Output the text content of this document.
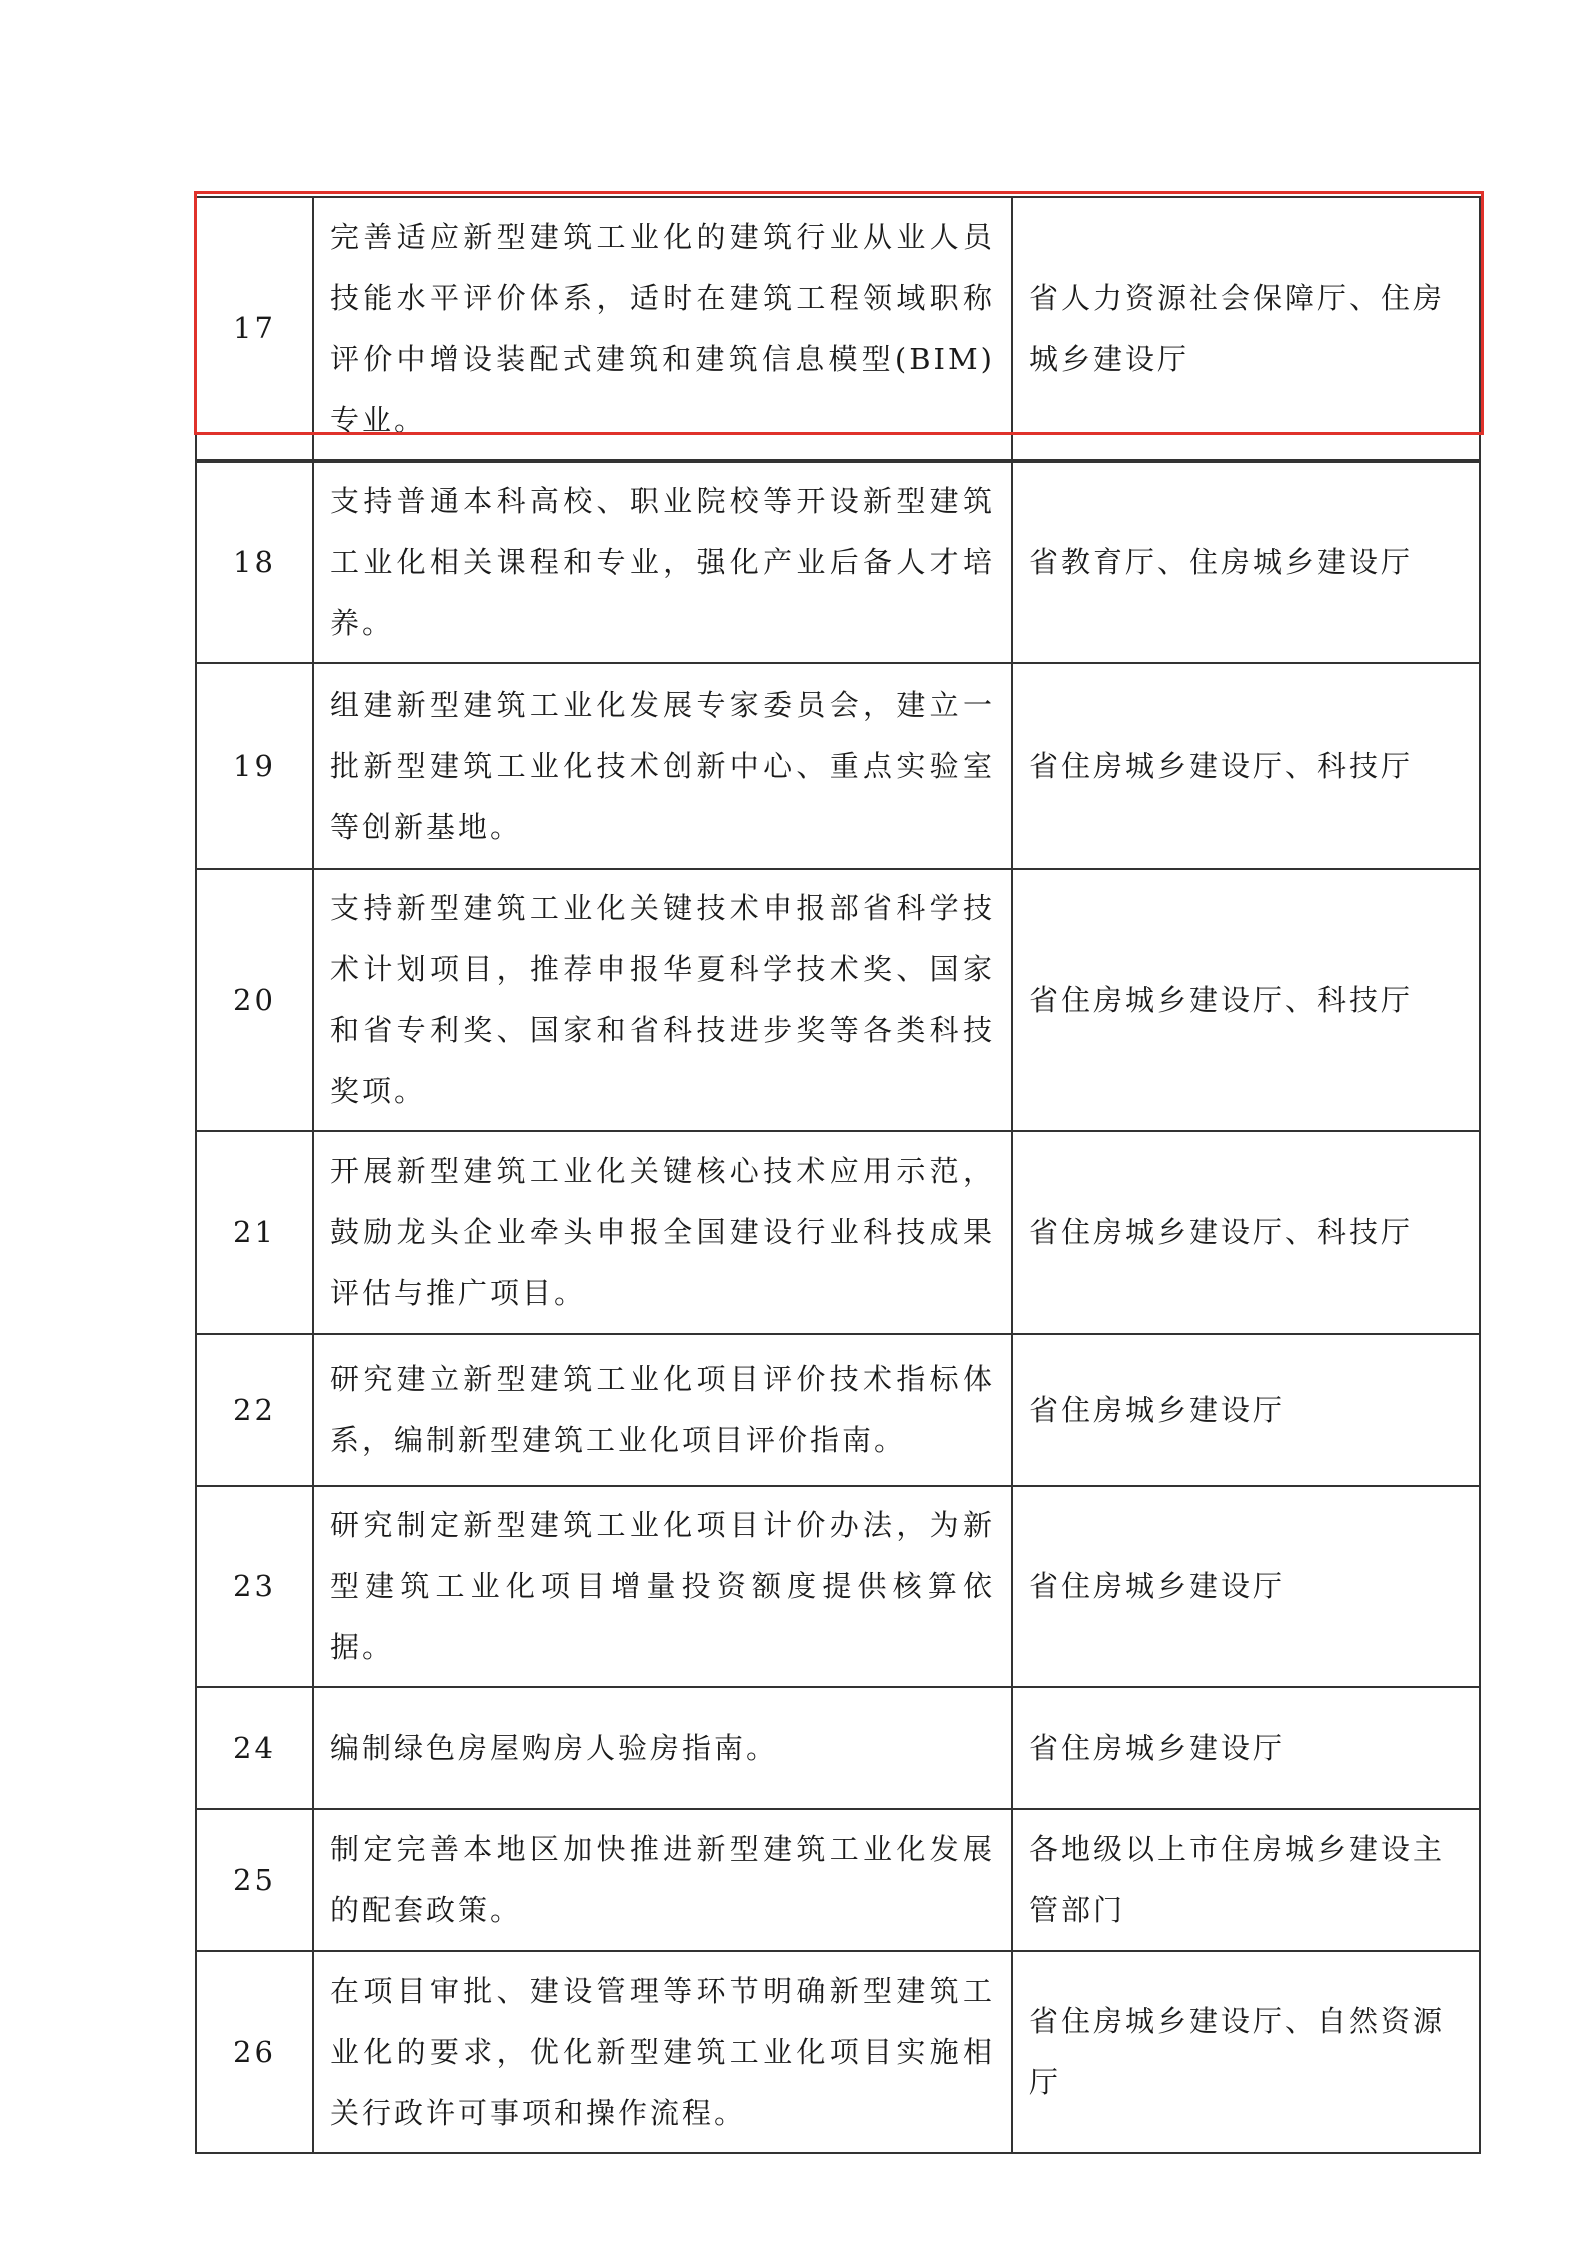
17	完善适应新型建筑工业化的建筑行业从业人员技能水平评价体系，适时在建筑工程领域职称评价中增设装配式建筑和建筑信息模型(BIM)专业。	省人力资源社会保障厅、住房城乡建设厅

18	支持普通本科高校、职业院校等开设新型建筑工业化相关课程和专业，强化产业后备人才培养。	省教育厅、住房城乡建设厅
19	组建新型建筑工业化发展专家委员会，建立一批新型建筑工业化技术创新中心、重点实验室等创新基地。	省住房城乡建设厅、科技厅
20	支持新型建筑工业化关键技术申报部省科学技术计划项目，推荐申报华夏科学技术奖、国家和省专利奖、国家和省科技进步奖等各类科技奖项。	省住房城乡建设厅、科技厅
21	开展新型建筑工业化关键核心技术应用示范，鼓励龙头企业牵头申报全国建设行业科技成果评估与推广项目。	省住房城乡建设厅、科技厅
22	研究建立新型建筑工业化项目评价技术指标体系，编制新型建筑工业化项目评价指南。	省住房城乡建设厅
23	研究制定新型建筑工业化项目计价办法，为新型建筑工业化项目增量投资额度提供核算依据。	省住房城乡建设厅
24	编制绿色房屋购房人验房指南。	省住房城乡建设厅
25	制定完善本地区加快推进新型建筑工业化发展的配套政策。	各地级以上市住房城乡建设主管部门
26	在项目审批、建设管理等环节明确新型建筑工业化的要求，优化新型建筑工业化项目实施相关行政许可事项和操作流程。	省住房城乡建设厅、自然资源厅
